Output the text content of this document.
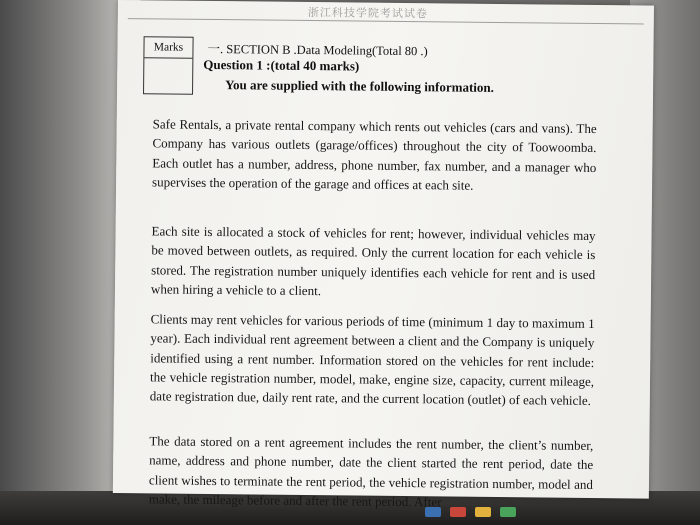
浙江科技学院考试试卷
Marks	一. SECTION B .Data Modeling(Total 80 .)
Question 1 :(total 40 marks)
You are supplied with the following information.

Safe Rentals, a private rental company which rents out vehicles (cars and vans). The Company has various outlets (garage/offices) throughout the city of Toowoomba. Each outlet has a number, address, phone number, fax number, and a manager who supervises the operation of the garage and offices at each site.

Each site is allocated a stock of vehicles for rent; however, individual vehicles may be moved between outlets, as required. Only the current location for each vehicle is stored. The registration number uniquely identifies each vehicle for rent and is used when hiring a vehicle to a client.

Clients may rent vehicles for various periods of time (minimum 1 day to maximum 1 year). Each individual rent agreement between a client and the Company is uniquely identified using a rent number. Information stored on the vehicles for rent include: the vehicle registration number, model, make, engine size, capacity, current mileage, date registration due, daily rent rate, and the current location (outlet) of each vehicle.

The data stored on a rent agreement includes the rent number, the client’s number, name, address and phone number, date the client started the rent period, date the client wishes to terminate the rent period, the vehicle registration number, model and make, the mileage before and after the rent period. After
